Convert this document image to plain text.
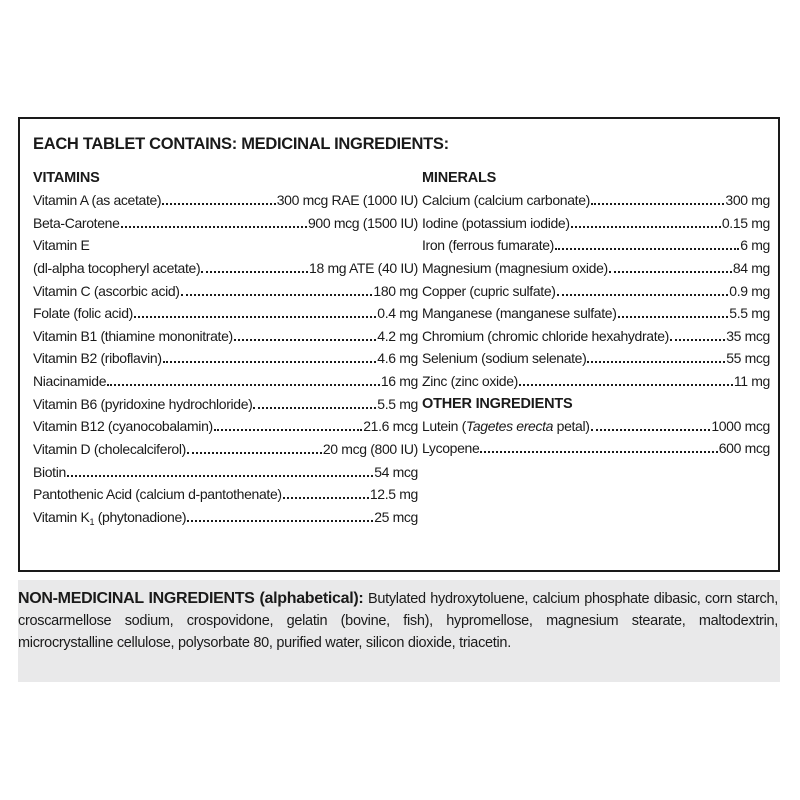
EACH TABLET CONTAINS: MEDICINAL INGREDIENTS:
VITAMINS
Vitamin A (as acetate)	300 mcg RAE (1000 IU)
Beta-Carotene	900 mcg (1500 IU)
Vitamin E
(dl-alpha tocopheryl acetate)	18 mg ATE (40 IU)
Vitamin C (ascorbic acid)	180 mg
Folate (folic acid)	0.4 mg
Vitamin B1 (thiamine mononitrate)	4.2 mg
Vitamin B2 (riboflavin)	4.6 mg
Niacinamide	16 mg
Vitamin B6 (pyridoxine hydrochloride)	5.5 mg
Vitamin B12 (cyanocobalamin)	21.6 mcg
Vitamin D (cholecalciferol)	20 mcg (800 IU)
Biotin	54 mcg
Pantothenic Acid (calcium d-pantothenate)	12.5 mg
Vitamin $K_1$ (phytonadione)	25 mcg
MINERALS
Calcium (calcium carbonate)	300 mg
Iodine (potassium iodide)	0.15 mg
Iron (ferrous fumarate)	6 mg
Magnesium (magnesium oxide)	84 mg
Copper (cupric sulfate)	0.9 mg
Manganese (manganese sulfate)	5.5 mg
Chromium (chromic chloride hexahydrate)	35 mcg
Selenium (sodium selenate)	55 mcg
Zinc (zinc oxide)	11 mg
OTHER INGREDIENTS
Lutein (Tagetes erecta petal)	1000 mcg
Lycopene	600 mcg
NON-MEDICINAL INGREDIENTS (alphabetical): Butylated hydroxytoluene, calcium phosphate dibasic, corn starch, croscarmellose sodium, crospovidone, gelatin (bovine, fish), hypromellose, magnesium stearate, maltodextrin, microcrystalline cellulose, polysorbate 80, purified water, silicon dioxide, triacetin.
